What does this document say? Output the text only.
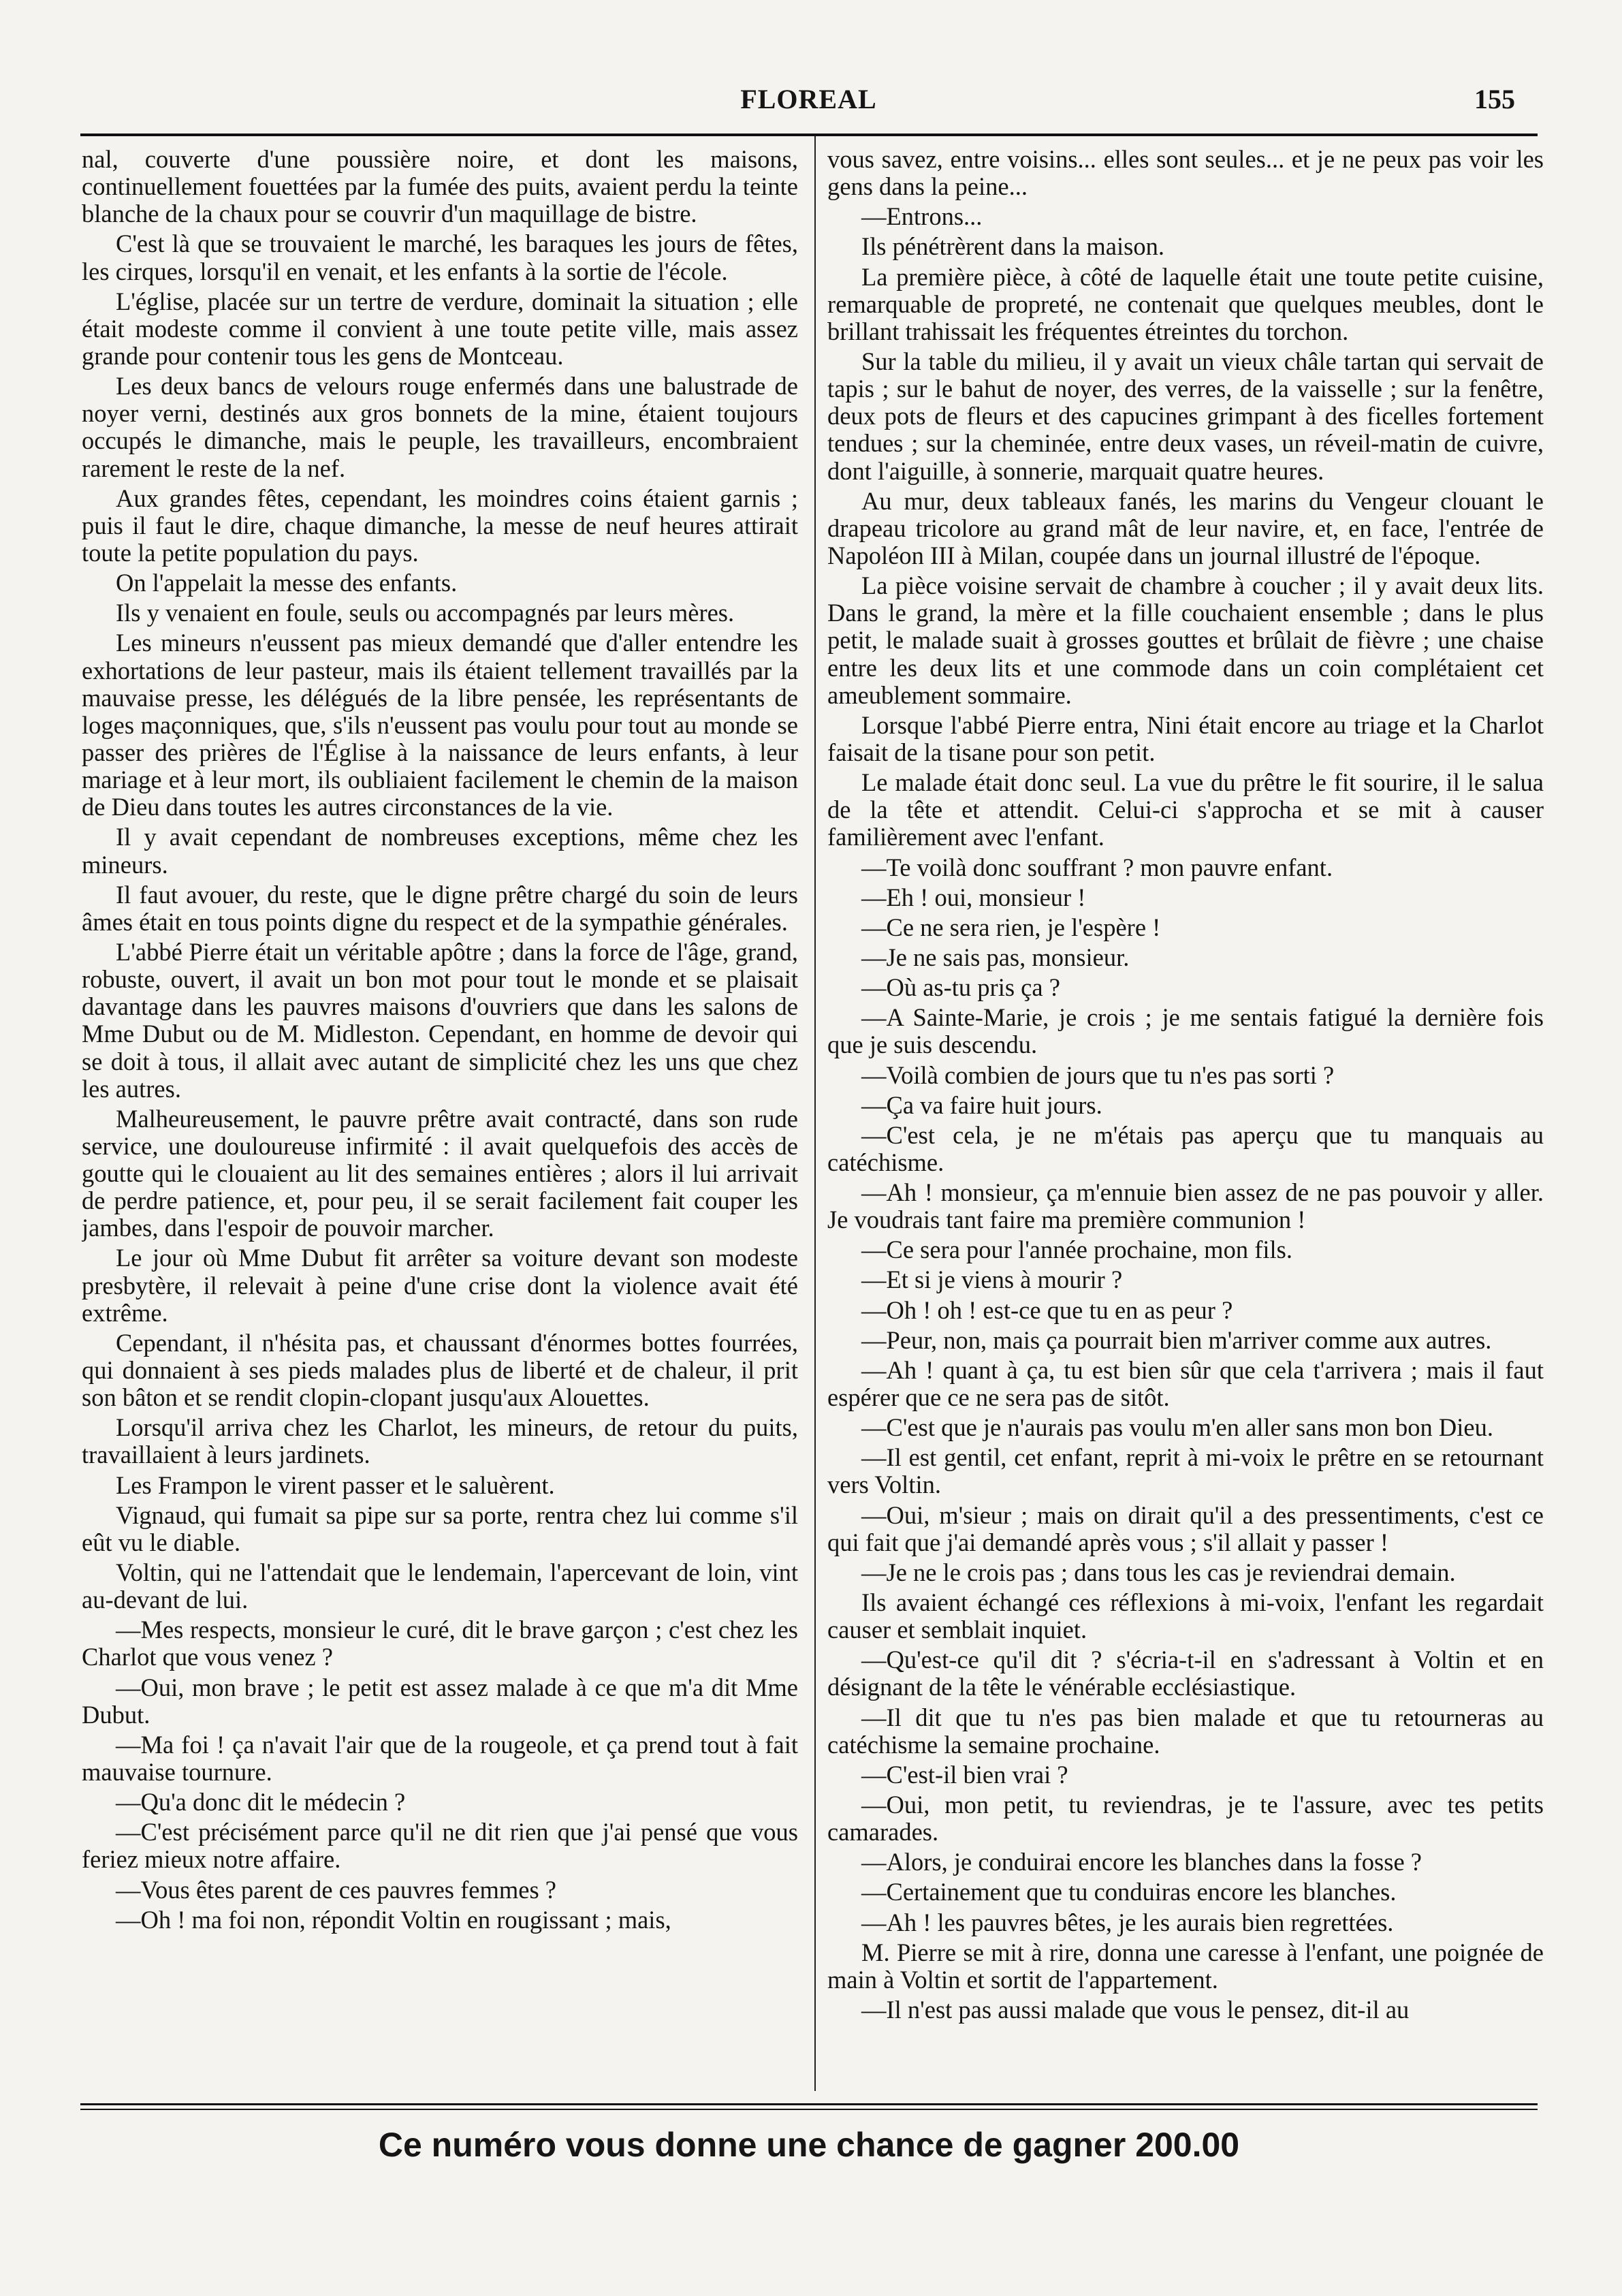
FLOREAL	155

nal, couverte d'une poussière noire, et dont les maisons, continuellement fouettées par la fumée des puits, avaient perdu la teinte blanche de la chaux pour se couvrir d'un maquillage de bistre.

C'est là que se trouvaient le marché, les baraques les jours de fêtes, les cirques, lorsqu'il en venait, et les enfants à la sortie de l'école.

L'église, placée sur un tertre de verdure, dominait la situation ; elle était modeste comme il convient à une toute petite ville, mais assez grande pour contenir tous les gens de Montceau.

Les deux bancs de velours rouge enfermés dans une balustrade de noyer verni, destinés aux gros bonnets de la mine, étaient toujours occupés le dimanche, mais le peuple, les travailleurs, encombraient rarement le reste de la nef.

Aux grandes fêtes, cependant, les moindres coins étaient garnis ; puis il faut le dire, chaque dimanche, la messe de neuf heures attirait toute la petite population du pays.

On l'appelait la messe des enfants.

Ils y venaient en foule, seuls ou accompagnés par leurs mères.

Les mineurs n'eussent pas mieux demandé que d'aller entendre les exhortations de leur pasteur, mais ils étaient tellement travaillés par la mauvaise presse, les délégués de la libre pensée, les représentants de loges maçonniques, que, s'ils n'eussent pas voulu pour tout au monde se passer des prières de l'Église à la naissance de leurs enfants, à leur mariage et à leur mort, ils oubliaient facilement le chemin de la maison de Dieu dans toutes les autres circonstances de la vie.

Il y avait cependant de nombreuses exceptions, même chez les mineurs.

Il faut avouer, du reste, que le digne prêtre chargé du soin de leurs âmes était en tous points digne du respect et de la sympathie générales.

L'abbé Pierre était un véritable apôtre ; dans la force de l'âge, grand, robuste, ouvert, il avait un bon mot pour tout le monde et se plaisait davantage dans les pauvres maisons d'ouvriers que dans les salons de Mme Dubut ou de M. Midleston. Cependant, en homme de devoir qui se doit à tous, il allait avec autant de simplicité chez les uns que chez les autres.

Malheureusement, le pauvre prêtre avait contracté, dans son rude service, une douloureuse infirmité : il avait quelquefois des accès de goutte qui le clouaient au lit des semaines entières ; alors il lui arrivait de perdre patience, et, pour peu, il se serait facilement fait couper les jambes, dans l'espoir de pouvoir marcher.

Le jour où Mme Dubut fit arrêter sa voiture devant son modeste presbytère, il relevait à peine d'une crise dont la violence avait été extrême.

Cependant, il n'hésita pas, et chaussant d'énormes bottes fourrées, qui donnaient à ses pieds malades plus de liberté et de chaleur, il prit son bâton et se rendit clopin-clopant jusqu'aux Alouettes.

Lorsqu'il arriva chez les Charlot, les mineurs, de retour du puits, travaillaient à leurs jardinets.

Les Frampon le virent passer et le saluèrent.

Vignaud, qui fumait sa pipe sur sa porte, rentra chez lui comme s'il eût vu le diable.

Voltin, qui ne l'attendait que le lendemain, l'apercevant de loin, vint au-devant de lui.

—Mes respects, monsieur le curé, dit le brave garçon ; c'est chez les Charlot que vous venez ?

—Oui, mon brave ; le petit est assez malade à ce que m'a dit Mme Dubut.

—Ma foi ! ça n'avait l'air que de la rougeole, et ça prend tout à fait mauvaise tournure.

—Qu'a donc dit le médecin ?

—C'est précisément parce qu'il ne dit rien que j'ai pensé que vous feriez mieux notre affaire.

—Vous êtes parent de ces pauvres femmes ?

—Oh ! ma foi non, répondit Voltin en rougissant ; mais,

vous savez, entre voisins... elles sont seules... et je ne peux pas voir les gens dans la peine...

—Entrons...

Ils pénétrèrent dans la maison.

La première pièce, à côté de laquelle était une toute petite cuisine, remarquable de propreté, ne contenait que quelques meubles, dont le brillant trahissait les fréquentes étreintes du torchon.

Sur la table du milieu, il y avait un vieux châle tartan qui servait de tapis ; sur le bahut de noyer, des verres, de la vaisselle ; sur la fenêtre, deux pots de fleurs et des capucines grimpant à des ficelles fortement tendues ; sur la cheminée, entre deux vases, un réveil-matin de cuivre, dont l'aiguille, à sonnerie, marquait quatre heures.

Au mur, deux tableaux fanés, les marins du Vengeur clouant le drapeau tricolore au grand mât de leur navire, et, en face, l'entrée de Napoléon III à Milan, coupée dans un journal illustré de l'époque.

La pièce voisine servait de chambre à coucher ; il y avait deux lits. Dans le grand, la mère et la fille couchaient ensemble ; dans le plus petit, le malade suait à grosses gouttes et brûlait de fièvre ; une chaise entre les deux lits et une commode dans un coin complétaient cet ameublement sommaire.

Lorsque l'abbé Pierre entra, Nini était encore au triage et la Charlot faisait de la tisane pour son petit.

Le malade était donc seul. La vue du prêtre le fit sourire, il le salua de la tête et attendit. Celui-ci s'approcha et se mit à causer familièrement avec l'enfant.

—Te voilà donc souffrant ? mon pauvre enfant.

—Eh ! oui, monsieur !

—Ce ne sera rien, je l'espère !

—Je ne sais pas, monsieur.

—Où as-tu pris ça ?

—A Sainte-Marie, je crois ; je me sentais fatigué la dernière fois que je suis descendu.

—Voilà combien de jours que tu n'es pas sorti ?

—Ça va faire huit jours.

—C'est cela, je ne m'étais pas aperçu que tu manquais au catéchisme.

—Ah ! monsieur, ça m'ennuie bien assez de ne pas pouvoir y aller. Je voudrais tant faire ma première communion !

—Ce sera pour l'année prochaine, mon fils.

—Et si je viens à mourir ?

—Oh ! oh ! est-ce que tu en as peur ?

—Peur, non, mais ça pourrait bien m'arriver comme aux autres.

—Ah ! quant à ça, tu est bien sûr que cela t'arrivera ; mais il faut espérer que ce ne sera pas de sitôt.

—C'est que je n'aurais pas voulu m'en aller sans mon bon Dieu.

—Il est gentil, cet enfant, reprit à mi-voix le prêtre en se retournant vers Voltin.

—Oui, m'sieur ; mais on dirait qu'il a des pressentiments, c'est ce qui fait que j'ai demandé après vous ; s'il allait y passer !

—Je ne le crois pas ; dans tous les cas je reviendrai demain.

Ils avaient échangé ces réflexions à mi-voix, l'enfant les regardait causer et semblait inquiet.

—Qu'est-ce qu'il dit ? s'écria-t-il en s'adressant à Voltin et en désignant de la tête le vénérable ecclésiastique.

—Il dit que tu n'es pas bien malade et que tu retourneras au catéchisme la semaine prochaine.

—C'est-il bien vrai ?

—Oui, mon petit, tu reviendras, je te l'assure, avec tes petits camarades.

—Alors, je conduirai encore les blanches dans la fosse ?

—Certainement que tu conduiras encore les blanches.

—Ah ! les pauvres bêtes, je les aurais bien regrettées.

M. Pierre se mit à rire, donna une caresse à l'enfant, une poignée de main à Voltin et sortit de l'appartement.

—Il n'est pas aussi malade que vous le pensez, dit-il au

Ce numéro vous donne une chance de gagner 200.00
